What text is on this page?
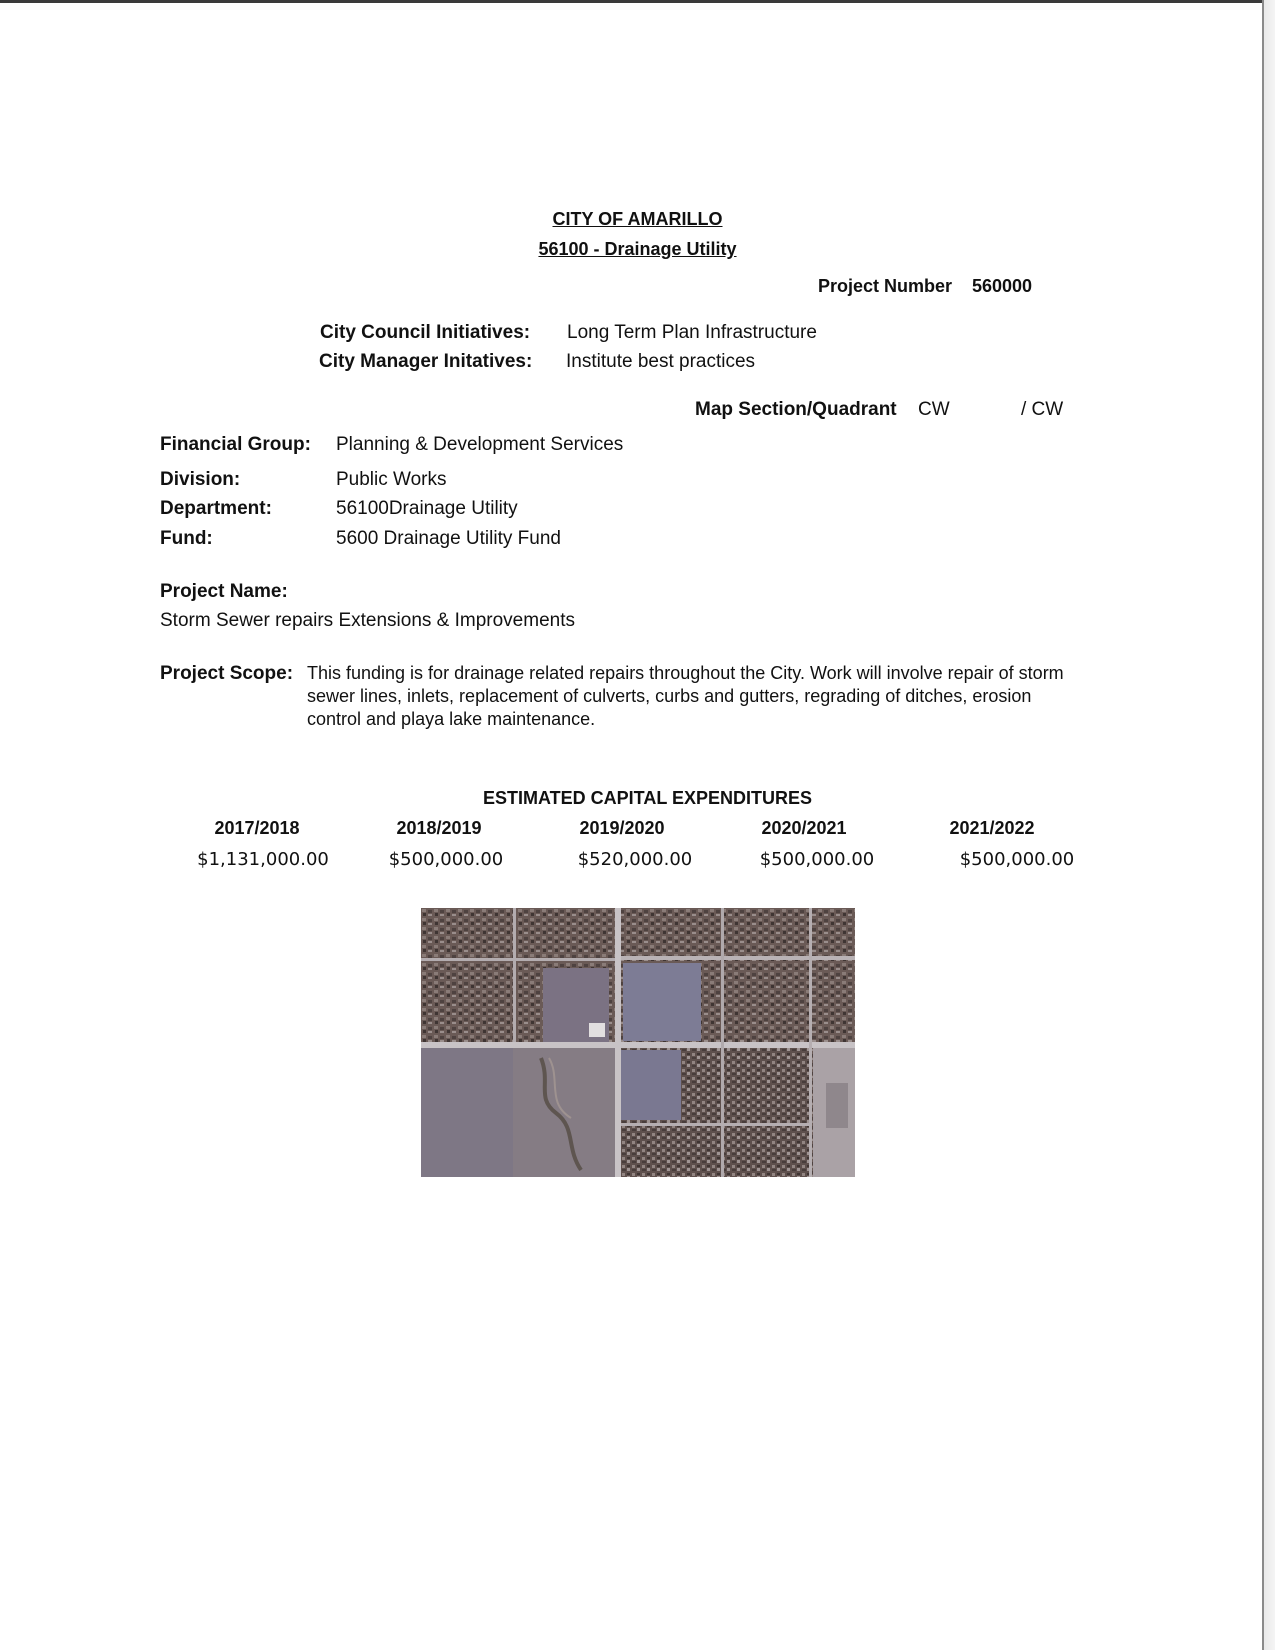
CITY OF AMARILLO
56100 - Drainage Utility
Project Number 560000
City Council Initiatives: Long Term Plan Infrastructure
City Manager Initatives: Institute best practices
Map Section/Quadrant CW	/ CW
Financial Group: Planning & Development Services
Division:	Public Works
Department:	56100Drainage Utility
Fund:	5600 Drainage Utility Fund
Project Name:
Storm Sewer repairs Extensions & Improvements
Project Scope: This funding is for drainage related repairs throughout the City. Work will involve repair of storm sewer lines, inlets, replacement of culverts, curbs and gutters, regrading of ditches, erosion control and playa lake maintenance.
ESTIMATED CAPITAL EXPENDITURES
2017/2018	2018/2019	2019/2020	2020/2021	2021/2022
$1,131,000.00	$500,000.00	$520,000.00	$500,000.00	$500,000.00
